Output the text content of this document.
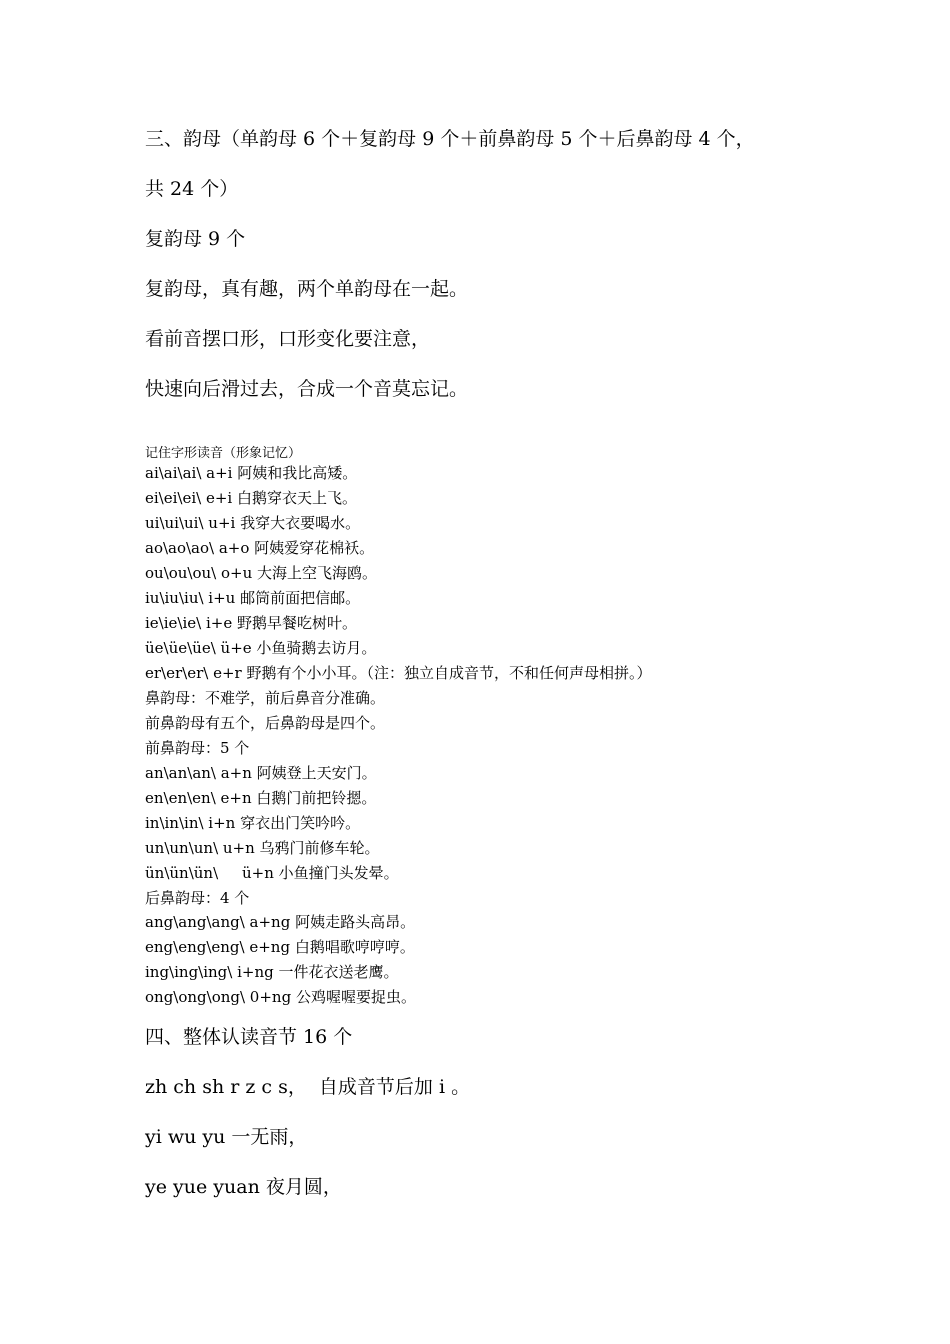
三、韵母（单韵母 6 个＋复韵母 9 个＋前鼻韵母 5 个＋后鼻韵母 4 个，
共 24 个）
复韵母 9 个
复韵母，真有趣，两个单韵母在一起。
看前音摆口形，口形变化要注意，
快速向后滑过去，合成一个音莫忘记。
记住字形读音（形象记忆）
ai\ai\ai\ a+i 阿姨和我比高矮。
ei\ei\ei\ e+i 白鹅穿衣天上飞。
ui\ui\ui\ u+i 我穿大衣要喝水。
ao\ao\ao\ a+o 阿姨爱穿花棉袄。
ou\ou\ou\ o+u 大海上空飞海鸥。
iu\iu\iu\ i+u 邮筒前面把信邮。
ie\ie\ie\ i+e 野鹅早餐吃树叶。
üe\üe\üe\ ü+e 小鱼骑鹅去访月。
er\er\er\ e+r 野鹅有个小小耳。（注：独立自成音节，不和任何声母相拼。）
鼻韵母：不难学，前后鼻音分准确。
前鼻韵母有五个，后鼻韵母是四个。
前鼻韵母：5 个
an\an\an\ a+n 阿姨登上天安门。
en\en\en\ e+n 白鹅门前把铃摁。
in\in\in\ i+n 穿衣出门笑吟吟。
un\un\un\ u+n 乌鸦门前修车轮。
ün\ün\ün\     ü+n 小鱼撞门头发晕。
后鼻韵母：4 个
ang\ang\ang\ a+ng 阿姨走路头高昂。
eng\eng\eng\ e+ng 白鹅唱歌哼哼哼。
ing\ing\ing\ i+ng 一件花衣送老鹰。
ong\ong\ong\ 0+ng 公鸡喔喔要捉虫。
四、整体认读音节 16 个
zh ch sh r z c s，  自成音节后加 i 。
yi wu yu 一无雨，
ye yue yuan 夜月圆，
